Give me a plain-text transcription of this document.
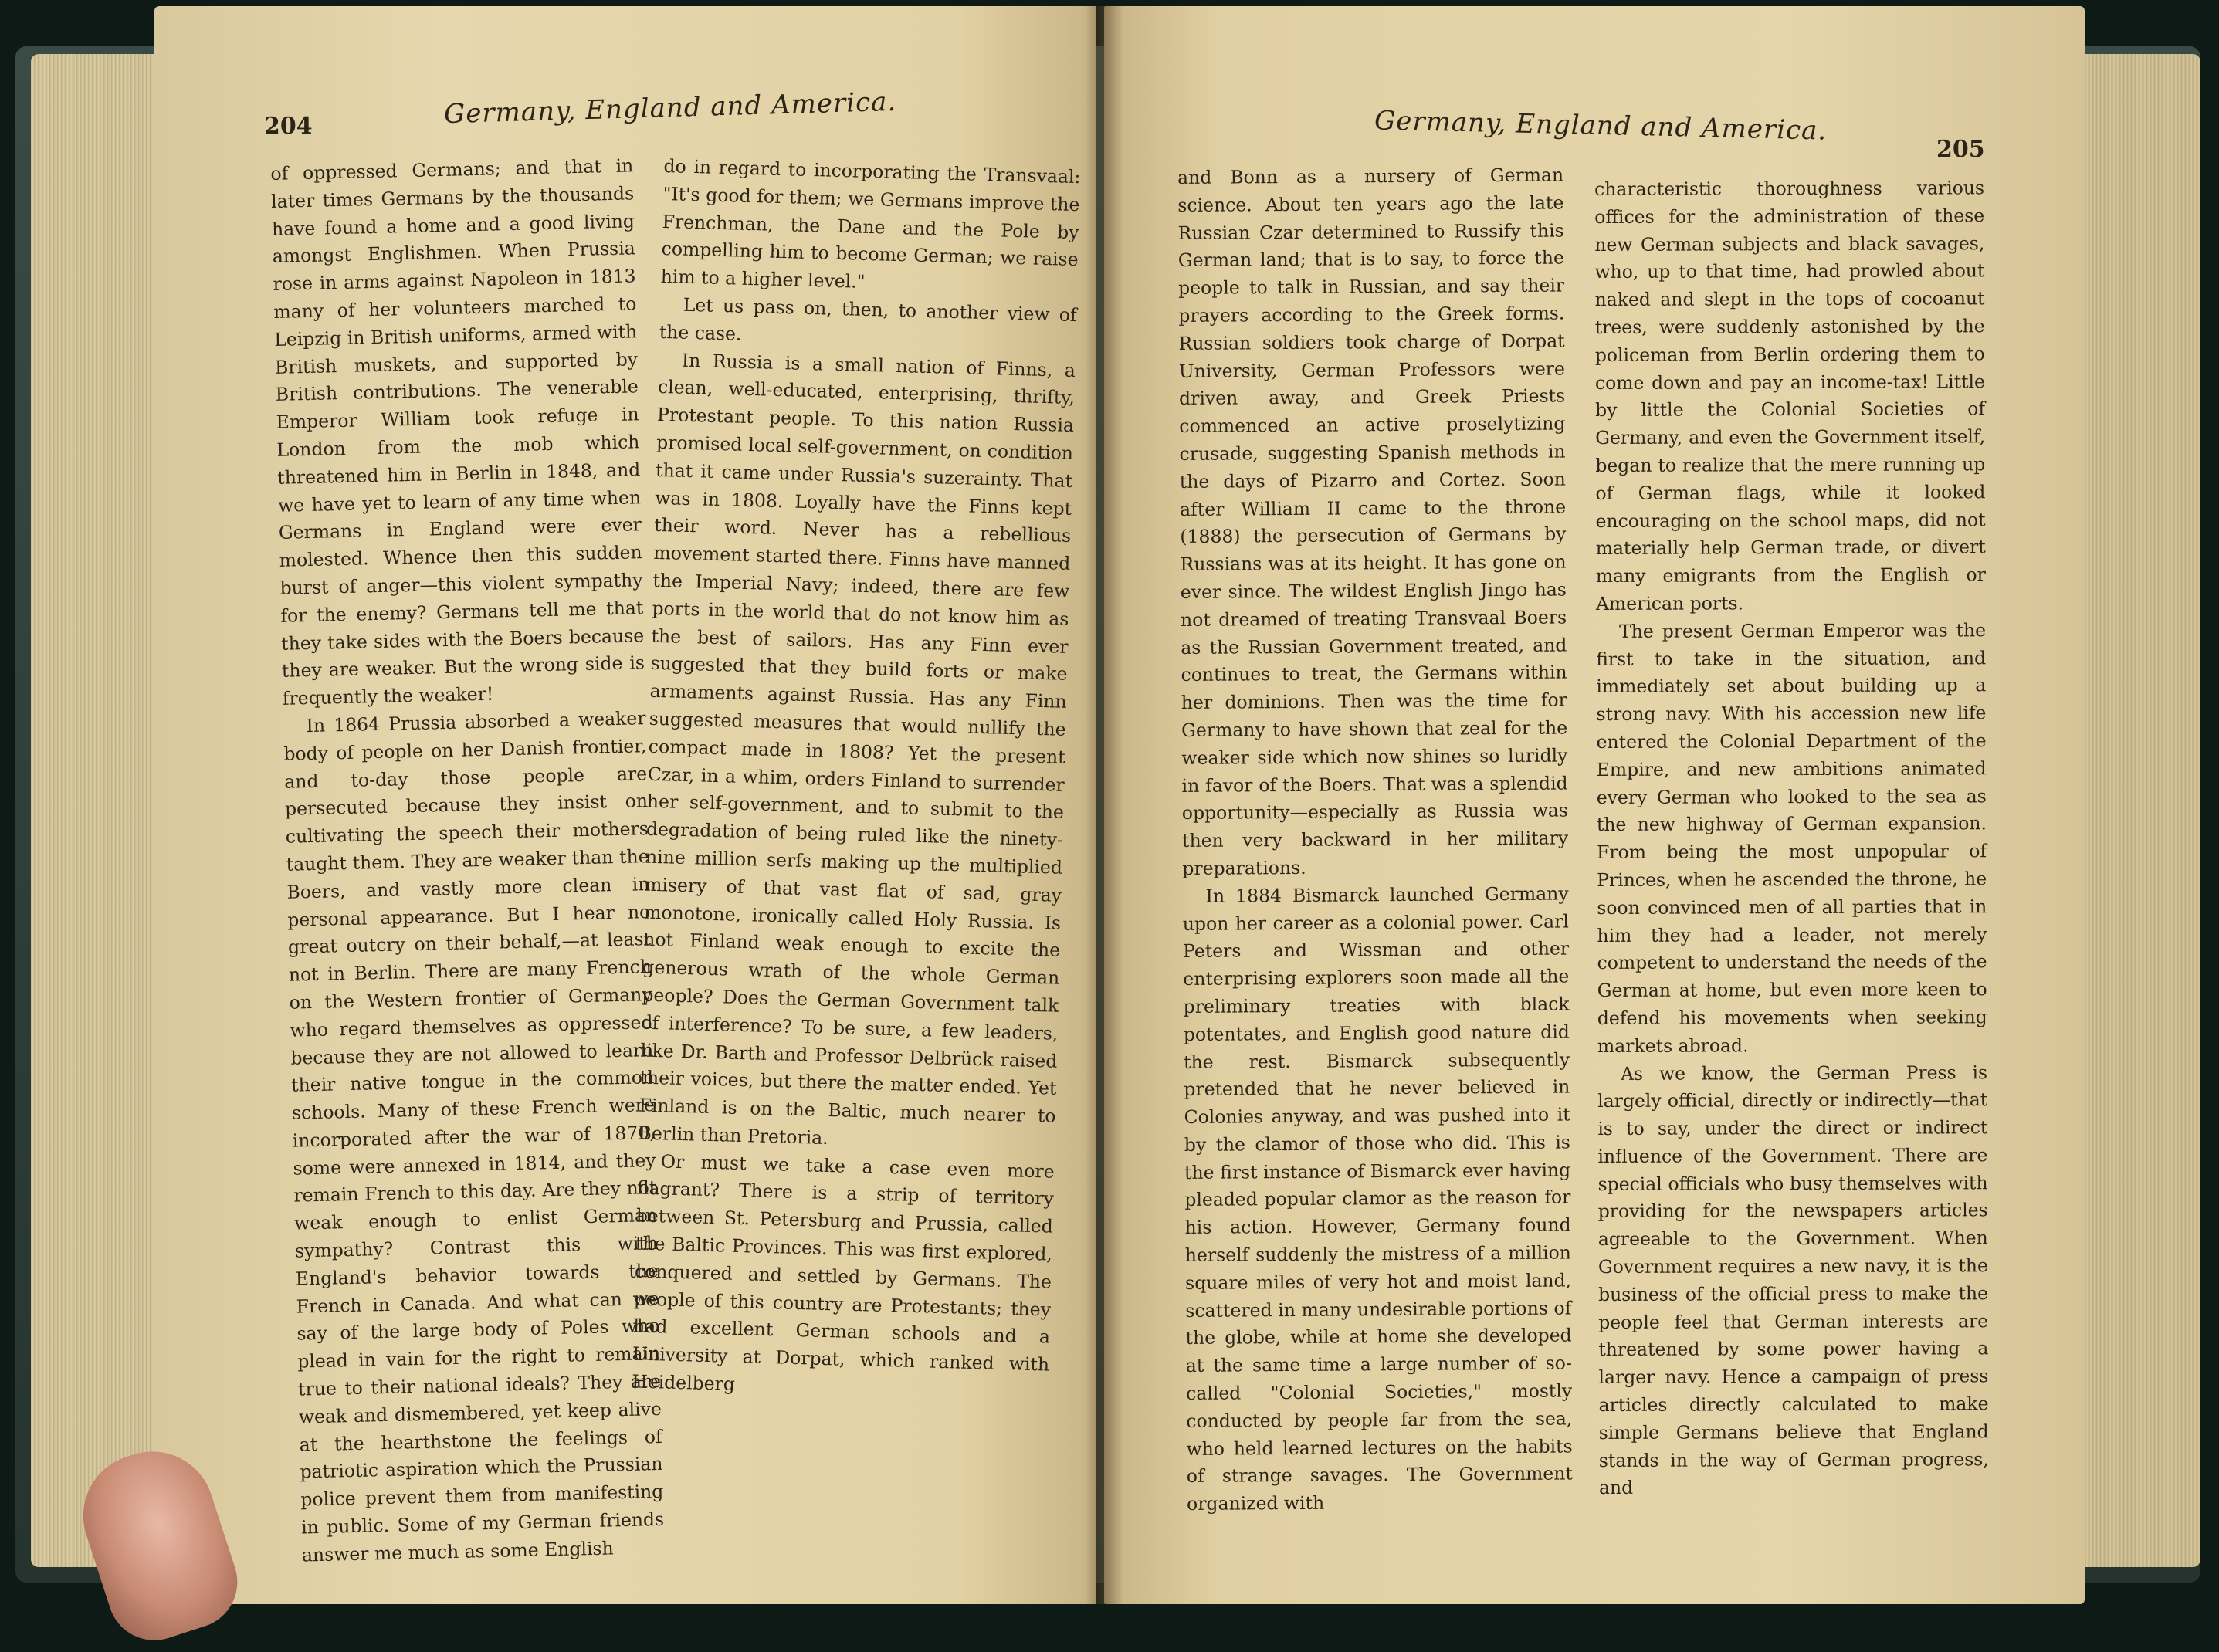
204	Germany, England and America.

of oppressed Germans; and that in later times Germans by the thousands have found a home and a good living amongst Englishmen. When Prussia rose in arms against Napoleon in 1813 many of her volunteers marched to Leipzig in British uniforms, armed with British muskets, and supported by British contributions. The venerable Emperor William took refuge in London from the mob which threatened him in Berlin in 1848, and we have yet to learn of any time when Germans in England were ever molested. Whence then this sudden burst of anger—this violent sympathy for the enemy? Germans tell me that they take sides with the Boers because they are weaker. But the wrong side is frequently the weaker!

In 1864 Prussia absorbed a weaker body of people on her Danish frontier, and to-day those people are persecuted because they insist on cultivating the speech their mothers taught them. They are weaker than the Boers, and vastly more clean in personal appearance. But I hear no great outcry on their behalf,—at least not in Berlin. There are many French on the Western frontier of Germany who regard themselves as oppressed because they are not allowed to learn their native tongue in the common schools. Many of these French were incorporated after the war of 1870, some were annexed in 1814, and they remain French to this day. Are they not weak enough to enlist German sympathy? Contrast this with England's behavior towards the French in Canada. And what can we say of the large body of Poles who plead in vain for the right to remain true to their national ideals? They are weak and dismembered, yet keep alive at the hearthstone the feelings of patriotic aspiration which the Prussian police prevent them from manifesting in public. Some of my German friends answer me much as some English

do in regard to incorporating the Transvaal: "It's good for them; we Germans improve the Frenchman, the Dane and the Pole by compelling him to become German; we raise him to a higher level."

Let us pass on, then, to another view of the case.

In Russia is a small nation of Finns, a clean, well-educated, enterprising, thrifty, Protestant people. To this nation Russia promised local self-government, on condition that it came under Russia's suzerainty. That was in 1808. Loyally have the Finns kept their word. Never has a rebellious movement started there. Finns have manned the Imperial Navy; indeed, there are few ports in the world that do not know him as the best of sailors. Has any Finn ever suggested that they build forts or make armaments against Russia. Has any Finn suggested measures that would nullify the compact made in 1808? Yet the present Czar, in a whim, orders Finland to surrender her self-government, and to submit to the degradation of being ruled like the ninety-nine million serfs making up the multiplied misery of that vast flat of sad, gray monotone, ironically called Holy Russia. Is not Finland weak enough to excite the generous wrath of the whole German people? Does the German Government talk of interference? To be sure, a few leaders, like Dr. Barth and Professor Delbrück raised their voices, but there the matter ended. Yet Finland is on the Baltic, much nearer to Berlin than Pretoria.

Or must we take a case even more flagrant? There is a strip of territory between St. Petersburg and Prussia, called the Baltic Provinces. This was first explored, conquered and settled by Germans. The people of this country are Protestants; they had excellent German schools and a University at Dorpat, which ranked with Heidelberg

Germany, England and America.
205

and Bonn as a nursery of German science. About ten years ago the late Russian Czar determined to Russify this German land; that is to say, to force the people to talk in Russian, and say their prayers according to the Greek forms. Russian soldiers took charge of Dorpat University, German Professors were driven away, and Greek Priests commenced an active proselytizing crusade, suggesting Spanish methods in the days of Pizarro and Cortez. Soon after William II came to the throne (1888) the persecution of Germans by Russians was at its height. It has gone on ever since. The wildest English Jingo has not dreamed of treating Transvaal Boers as the Russian Government treated, and continues to treat, the Germans within her dominions. Then was the time for Germany to have shown that zeal for the weaker side which now shines so luridly in favor of the Boers. That was a splendid opportunity—especially as Russia was then very backward in her military preparations.

In 1884 Bismarck launched Germany upon her career as a colonial power. Carl Peters and Wissman and other enterprising explorers soon made all the preliminary treaties with black potentates, and English good nature did the rest. Bismarck subsequently pretended that he never believed in Colonies anyway, and was pushed into it by the clamor of those who did. This is the first instance of Bismarck ever having pleaded popular clamor as the reason for his action. However, Germany found herself suddenly the mistress of a million square miles of very hot and moist land, scattered in many undesirable portions of the globe, while at home she developed at the same time a large number of so-called "Colonial Societies," mostly conducted by people far from the sea, who held learned lectures on the habits of strange savages. The Government organized with

characteristic thoroughness various offices for the administration of these new German subjects and black savages, who, up to that time, had prowled about naked and slept in the tops of cocoanut trees, were suddenly astonished by the policeman from Berlin ordering them to come down and pay an income-tax! Little by little the Colonial Societies of Germany, and even the Government itself, began to realize that the mere running up of German flags, while it looked encouraging on the school maps, did not materially help German trade, or divert many emigrants from the English or American ports.

The present German Emperor was the first to take in the situation, and immediately set about building up a strong navy. With his accession new life entered the Colonial Department of the Empire, and new ambitions animated every German who looked to the sea as the new highway of German expansion. From being the most unpopular of Princes, when he ascended the throne, he soon convinced men of all parties that in him they had a leader, not merely competent to understand the needs of the German at home, but even more keen to defend his movements when seeking markets abroad.

As we know, the German Press is largely official, directly or indirectly—that is to say, under the direct or indirect influence of the Government. There are special officials who busy themselves with providing for the newspapers articles agreeable to the Government. When Government requires a new navy, it is the business of the official press to make the people feel that German interests are threatened by some power having a larger navy. Hence a campaign of press articles directly calculated to make simple Germans believe that England stands in the way of German progress, and
